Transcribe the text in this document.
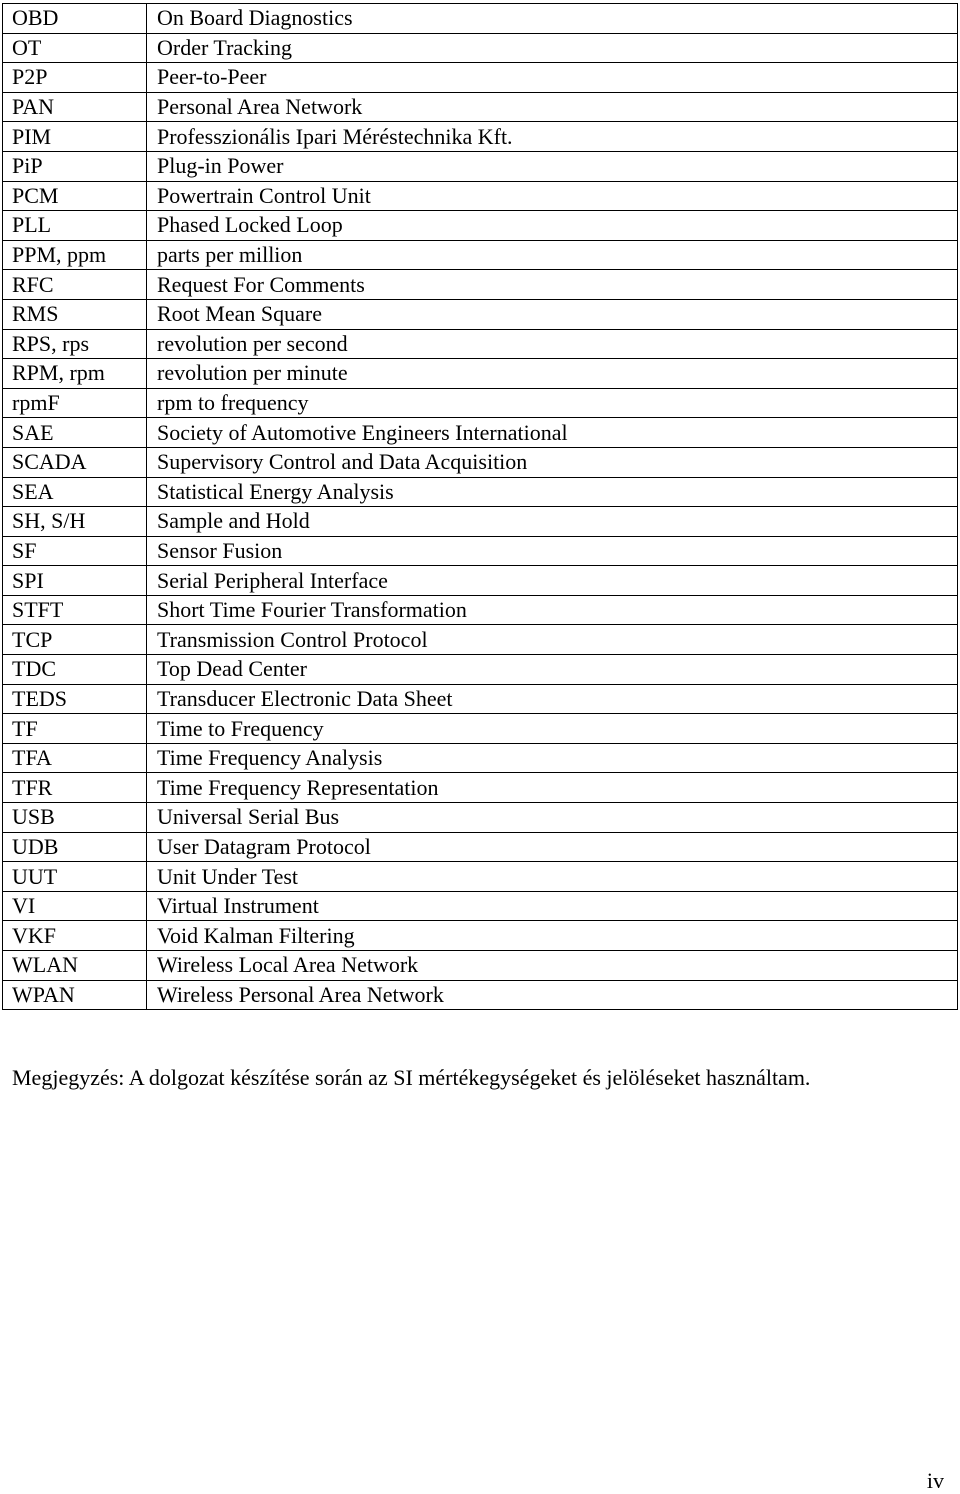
OBD	On Board Diagnostics
OT	Order Tracking
P2P	Peer-to-Peer
PAN	Personal Area Network
PIM	Professzionális Ipari Méréstechnika Kft.
PiP	Plug-in Power
PCM	Powertrain Control Unit
PLL	Phased Locked Loop
PPM, ppm	parts per million
RFC	Request For Comments
RMS	Root Mean Square
RPS, rps	revolution per second
RPM, rpm	revolution per minute
rpmF	rpm to frequency
SAE	Society of Automotive Engineers International
SCADA	Supervisory Control and Data Acquisition
SEA	Statistical Energy Analysis
SH, S/H	Sample and Hold
SF	Sensor Fusion
SPI	Serial Peripheral Interface
STFT	Short Time Fourier Transformation
TCP	Transmission Control Protocol
TDC	Top Dead Center
TEDS	Transducer Electronic Data Sheet
TF	Time to Frequency
TFA	Time Frequency Analysis
TFR	Time Frequency Representation
USB	Universal Serial Bus
UDB	User Datagram Protocol
UUT	Unit Under Test
VI	Virtual Instrument
VKF	Void Kalman Filtering
WLAN	Wireless Local Area Network
WPAN	Wireless Personal Area Network
Megjegyzés: A dolgozat készítése során az SI mértékegységeket és jelöléseket használtam.
iv
